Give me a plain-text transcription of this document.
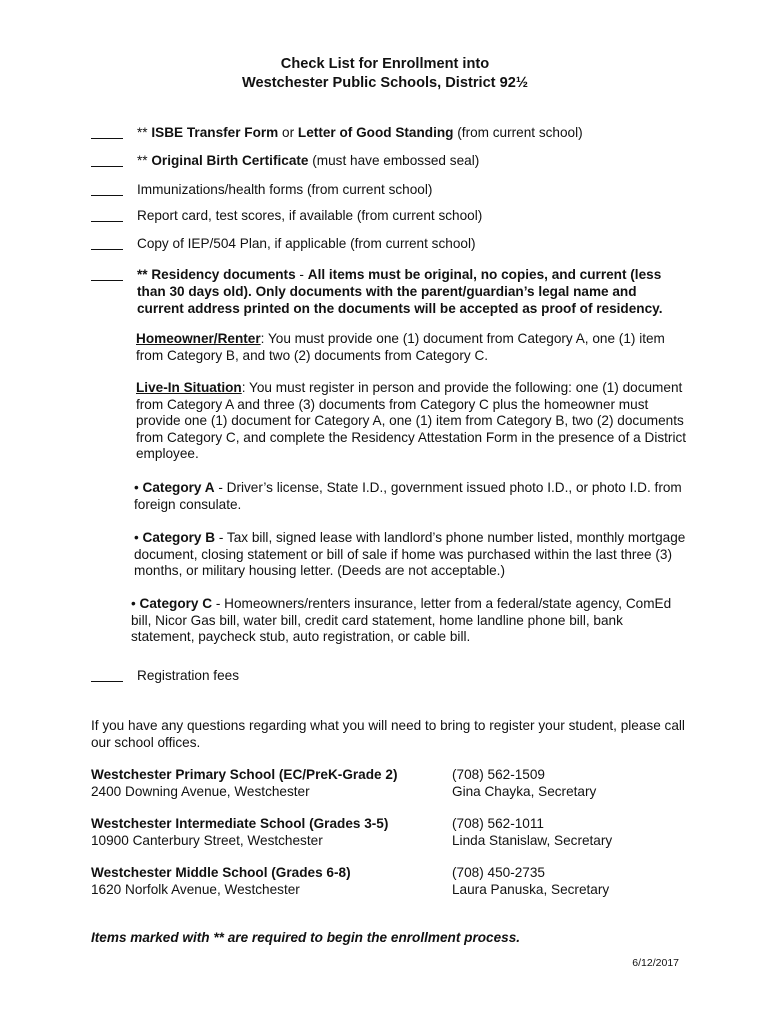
Check List for Enrollment into
Westchester Public Schools, District 92½
** ISBE Transfer Form or Letter of Good Standing (from current school)
** Original Birth Certificate (must have embossed seal)
Immunizations/health forms (from current school)
Report card, test scores, if available (from current school)
Copy of IEP/504 Plan, if applicable (from current school)
** Residency documents - All items must be original, no copies, and current (less than 30 days old). Only documents with the parent/guardian’s legal name and current address printed on the documents will be accepted as proof of residency.
Homeowner/Renter: You must provide one (1) document from Category A, one (1) item from Category B, and two (2) documents from Category C.
Live-In Situation: You must register in person and provide the following: one (1) document from Category A and three (3) documents from Category C plus the homeowner must provide one (1) document for Category A, one (1) item from Category B, two (2) documents from Category C, and complete the Residency Attestation Form in the presence of a District employee.
• Category A - Driver’s license, State I.D., government issued photo I.D., or photo I.D. from foreign consulate.
• Category B - Tax bill, signed lease with landlord’s phone number listed, monthly mortgage document, closing statement or bill of sale if home was purchased within the last three (3) months, or military housing letter. (Deeds are not acceptable.)
• Category C - Homeowners/renters insurance, letter from a federal/state agency, ComEd bill, Nicor Gas bill, water bill, credit card statement, home landline phone bill, bank statement, paycheck stub, auto registration, or cable bill.
Registration fees
If you have any questions regarding what you will need to bring to register your student, please call our school offices.
Westchester Primary School (EC/PreK-Grade 2)
2400 Downing Avenue, Westchester
(708) 562-1509
Gina Chayka, Secretary
Westchester Intermediate School (Grades 3-5)
10900 Canterbury Street, Westchester
(708) 562-1011
Linda Stanislaw, Secretary
Westchester Middle School (Grades 6-8)
1620 Norfolk Avenue, Westchester
(708) 450-2735
Laura Panuska, Secretary
Items marked with ** are required to begin the enrollment process.
6/12/2017
